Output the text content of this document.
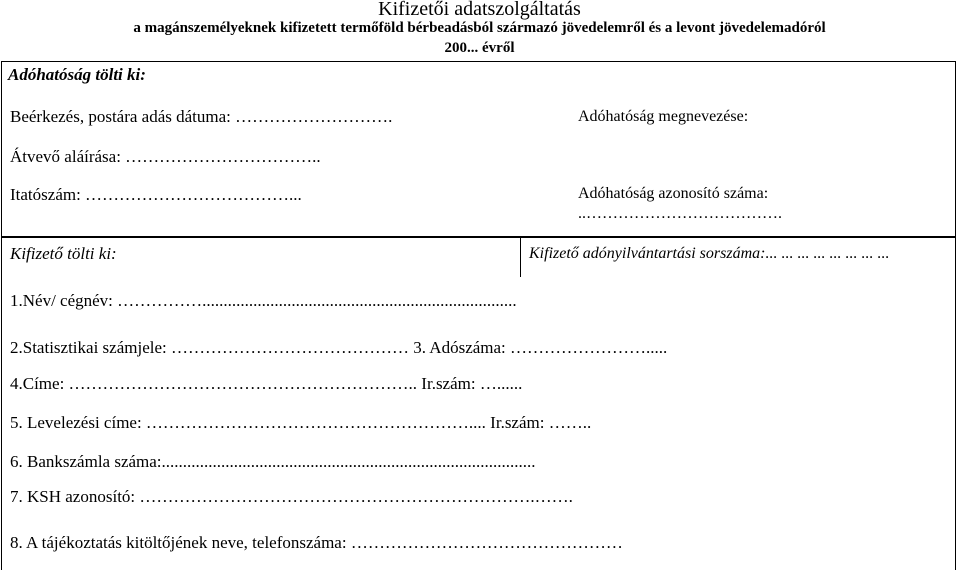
Kifizetői adatszolgáltatás
a magánszemélyeknek kifizetett termőföld bérbeadásból származó jövedelemről és a levont jövedelemadóról
200... évről
Adóhatóság tölti ki:
Beérkezés, postára adás dátuma: ……………………….
Átvevő aláírása: ……………………………..
Itatószám: ………………………………...
Adóhatóság megnevezése:
Adóhatóság azonosító száma:
..……………………………….
Kifizető tölti ki:	Kifizető adónyilvántartási sorszáma:... ... ... ... ... ... ... ...
1.Név/ cégnév: ……………..........................................................................
2.Statisztikai számjele: …………………………………… 3. Adószáma: …………………….....
4.Címe: …………………………………………………….. Ir.szám: …......
5. Levelezési címe: ………………………………………………….... Ir.szám: ……..
6. Bankszámla száma:........................................................................................
7. KSH azonosító: …………………………………………………………….…….
8. A tájékoztatás kitöltőjének neve, telefonszáma: …………………………………………
